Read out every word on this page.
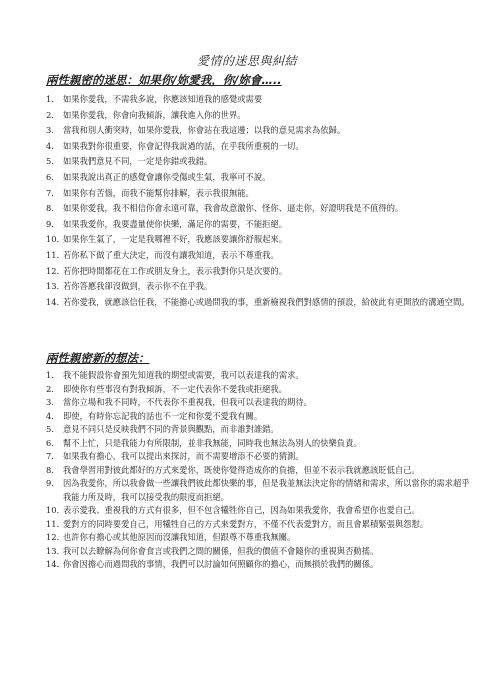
愛情的迷思與糾結
兩性親密的迷思：如果你/妳愛我，你/妳會…..
1.	如果你愛我，不需我多說，你應該知道我的感覺或需要
2.	如果你愛我，你會向我傾訴，讓我進入你的世界。
3.	當我和別人衝突時，如果你愛我，你會站在我這邊；以我的意見需求為依歸。
4.	如果我對你很重要，你會記得我說過的話，在乎我所重視的一切。
5.	如果我們意見不同，一定是你錯或我錯。
6.	如果我說出真正的感覺會讓你受傷或生氣，我寧可不說。
7.	如果你有苦惱，而我不能幫你排解，表示我很無能。
8.	如果你愛我，我不相信你會永遠可靠，我會故意激你、怪你、逼走你，好證明我是不值得的。
9.	如果我愛你，我要盡量使你快樂，滿足你的需要，不能拒絕。
10. 如果你生氣了，一定是我哪裡不好，我應該要讓你舒服起來。
11. 若你私下做了重大決定，而沒有讓我知道，表示不尊重我。
12. 若你把時間都花在工作或朋友身上，表示我對你只是次要的。
13. 若你答應我卻沒做到，表示你不在乎我。
14. 若你愛我，就應該信任我，不能擔心或過問我的事，重新檢視我們對感情的預設，給彼此有更開放的溝通空間。
兩性親密新的想法：
1.	我不能假設你會預先知道我的期望或需要，我可以表達我的需求。
2.	即使你有些事沒有對我傾訴，不一定代表你不愛我或拒絕我。
3.	當你立場和我不同時，不代表你不重視我，但我可以表達我的期待。
4.	即使，有時你忘記我的話也不一定和你愛不愛我有關。
5.	意見不同只是反映我們不同的背景與觀點，而非誰對誰錯。
6.	幫不上忙，只是我能力有所限制，並非我無能，同時我也無法為別人的快樂負責。
7.	如果我有擔心，我可以提出來探討，而不需要增添不必要的猜測。
8.	我會學習用對彼此都好的方式來愛你，既使你覺得造成你的負擔，但並不表示我就應該貶低自己。
9.	因為我愛你，所以我會做一些讓我們彼此都快樂的事，但是我並無法決定你的情緒和需求，所以當你的需求超乎我能力所及時，我可以接受我的限度而拒絕。
10. 表示愛我、重視我的方式有很多，但不包含犧牲你自己，因為如果我愛你，我會希望你也愛自己。
11. 愛對方的同時要愛自己，用犧牲自己的方式來愛對方，不僅不代表愛對方，而且會累積緊張與怨懟。
12. 也許你有擔心或其他原因而沒讓我知道，但跟尊不尊重我無關。
13. 我可以去瞭解為何你會食言或我們之間的關係，但我的價值不會隨你的重視與否動搖。
14. 你會因擔心而過問我的事情，我們可以討論如何照顧你的擔心，而無損於我們的關係。
